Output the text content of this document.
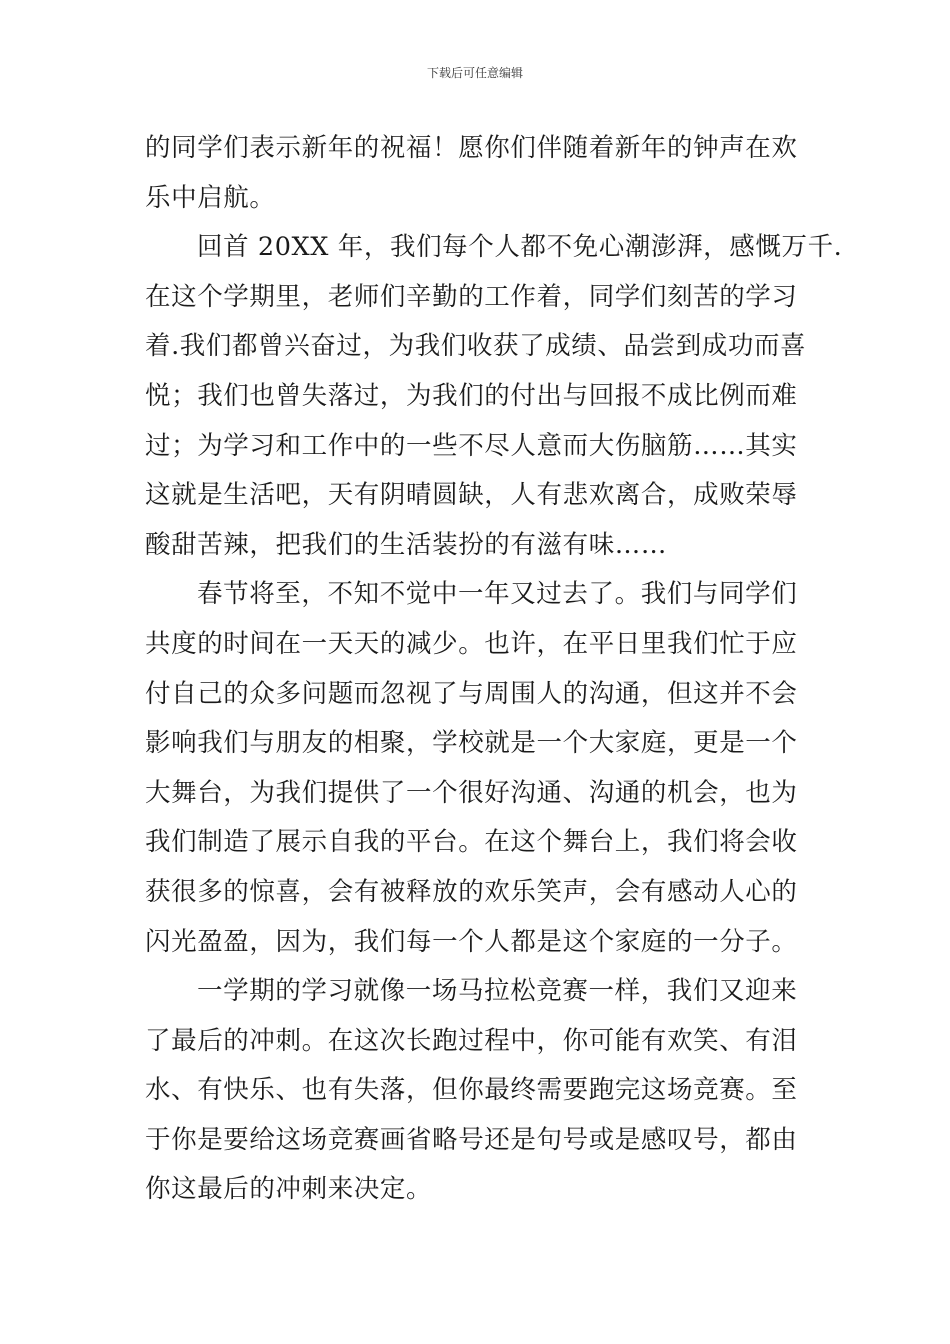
下载后可任意编辑
的同学们表示新年的祝福！愿你们伴随着新年的钟声在欢
乐中启航。
回首 20XX 年，我们每个人都不免心潮澎湃，感慨万千.
在这个学期里，老师们辛勤的工作着，同学们刻苦的学习
着.我们都曾兴奋过，为我们收获了成绩、品尝到成功而喜
悦；我们也曾失落过，为我们的付出与回报不成比例而难
过；为学习和工作中的一些不尽人意而大伤脑筋……其实
这就是生活吧，天有阴晴圆缺，人有悲欢离合，成败荣辱
酸甜苦辣，把我们的生活装扮的有滋有味……
春节将至，不知不觉中一年又过去了。我们与同学们
共度的时间在一天天的减少。也许，在平日里我们忙于应
付自己的众多问题而忽视了与周围人的沟通，但这并不会
影响我们与朋友的相聚，学校就是一个大家庭，更是一个
大舞台，为我们提供了一个很好沟通、沟通的机会，也为
我们制造了展示自我的平台。在这个舞台上，我们将会收
获很多的惊喜，会有被释放的欢乐笑声，会有感动人心的
闪光盈盈，因为，我们每一个人都是这个家庭的一分子。
一学期的学习就像一场马拉松竞赛一样，我们又迎来
了最后的冲刺。在这次长跑过程中，你可能有欢笑、有泪
水、有快乐、也有失落，但你最终需要跑完这场竞赛。至
于你是要给这场竞赛画省略号还是句号或是感叹号，都由
你这最后的冲刺来决定。
